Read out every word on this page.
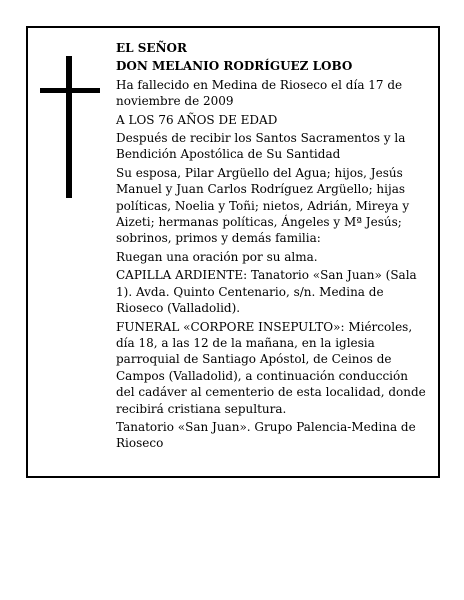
EL SEÑOR

DON MELANIO RODRÍGUEZ LOBO

Ha fallecido en Medina de Rioseco el día 17 de noviembre de 2009

A LOS 76 AÑOS DE EDAD

Después de recibir los Santos Sacramentos y la Bendición Apostólica de Su Santidad

Su esposa, Pilar Argüello del Agua; hijos, Jesús Manuel y Juan Carlos Rodríguez Argüello; hijas políticas, Noelia y Toñi; nietos, Adrián, Mireya y Aizeti; hermanas políticas, Ángeles y Mª Jesús; sobrinos, primos y demás familia:

Ruegan una oración por su alma.

CAPILLA ARDIENTE: Tanatorio «San Juan» (Sala 1). Avda. Quinto Centenario, s/n. Medina de Rioseco (Valladolid).

FUNERAL «CORPORE INSEPULTO»: Miércoles, día 18, a las 12 de la mañana, en la iglesia parroquial de Santiago Apóstol, de Ceinos de Campos (Valladolid), a continuación conducción del cadáver al cementerio de esta localidad, donde recibirá cristiana sepultura.

Tanatorio «San Juan». Grupo Palencia-Medina de Rioseco
